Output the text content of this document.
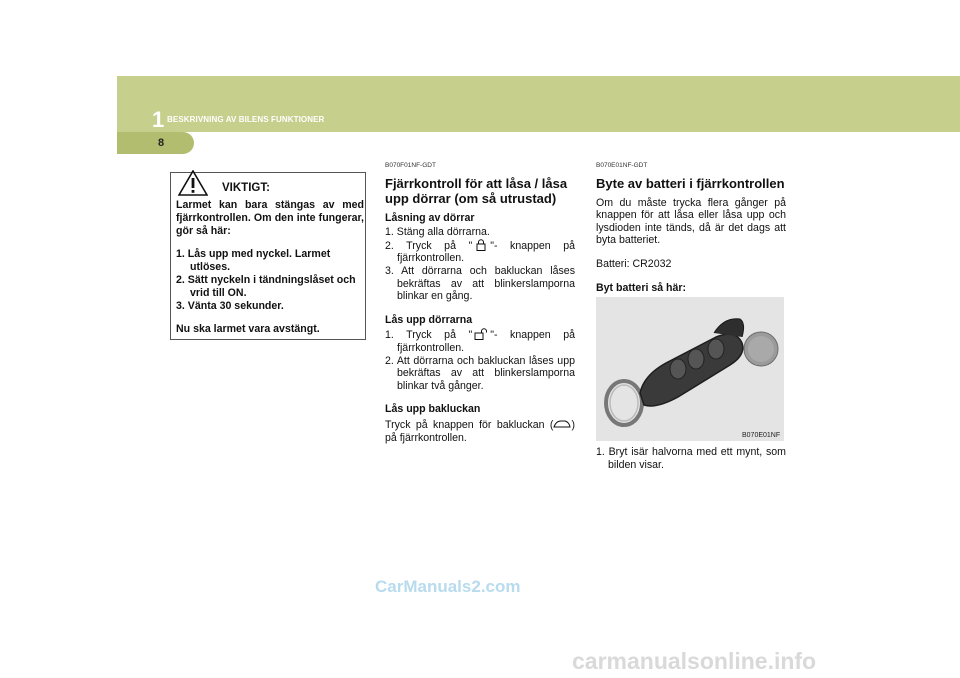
1 BESKRIVNING AV BILENS FUNKTIONER
8
VIKTIGT:

Larmet kan bara stängas av med fjärrkontrollen. Om den inte fungerar, gör så här:

1. Lås upp med nyckel. Larmet utlöses.
2. Sätt nyckeln i tändningslåset och vrid till ON.
3. Vänta 30 sekunder.

Nu ska larmet vara avstängt.

B070F01NF-GDT
Fjärrkontroll för att låsa / låsa upp dörrar (om så utrustad)
Låsning av dörrar
1. Stäng alla dörrarna.
2. Tryck på " "- knappen på fjärrkontrollen.
3. Att dörrarna och bakluckan låses bekräftas av att blinkerslamporna blinkar en gång.
Lås upp dörrarna
1. Tryck på " "- knappen på fjärrkontrollen.
2. Att dörrarna och bakluckan låses upp bekräftas av att blinkerslamporna blinkar två gånger.
Lås upp bakluckan
Tryck på knappen för bakluckan ( ) på fjärrkontrollen.
B070E01NF-GDT
Byte av batteri i fjärrkontrollen
Om du måste trycka flera gånger på knappen för att låsa eller låsa upp och lysdioden inte tänds, då är det dags att byta batteriet.
Batteri: CR2032
Byt batteri så här:
B070E01NF
1. Bryt isär halvorna med ett mynt, som bilden visar.
CarManuals2.com
carmanualsonline.info
